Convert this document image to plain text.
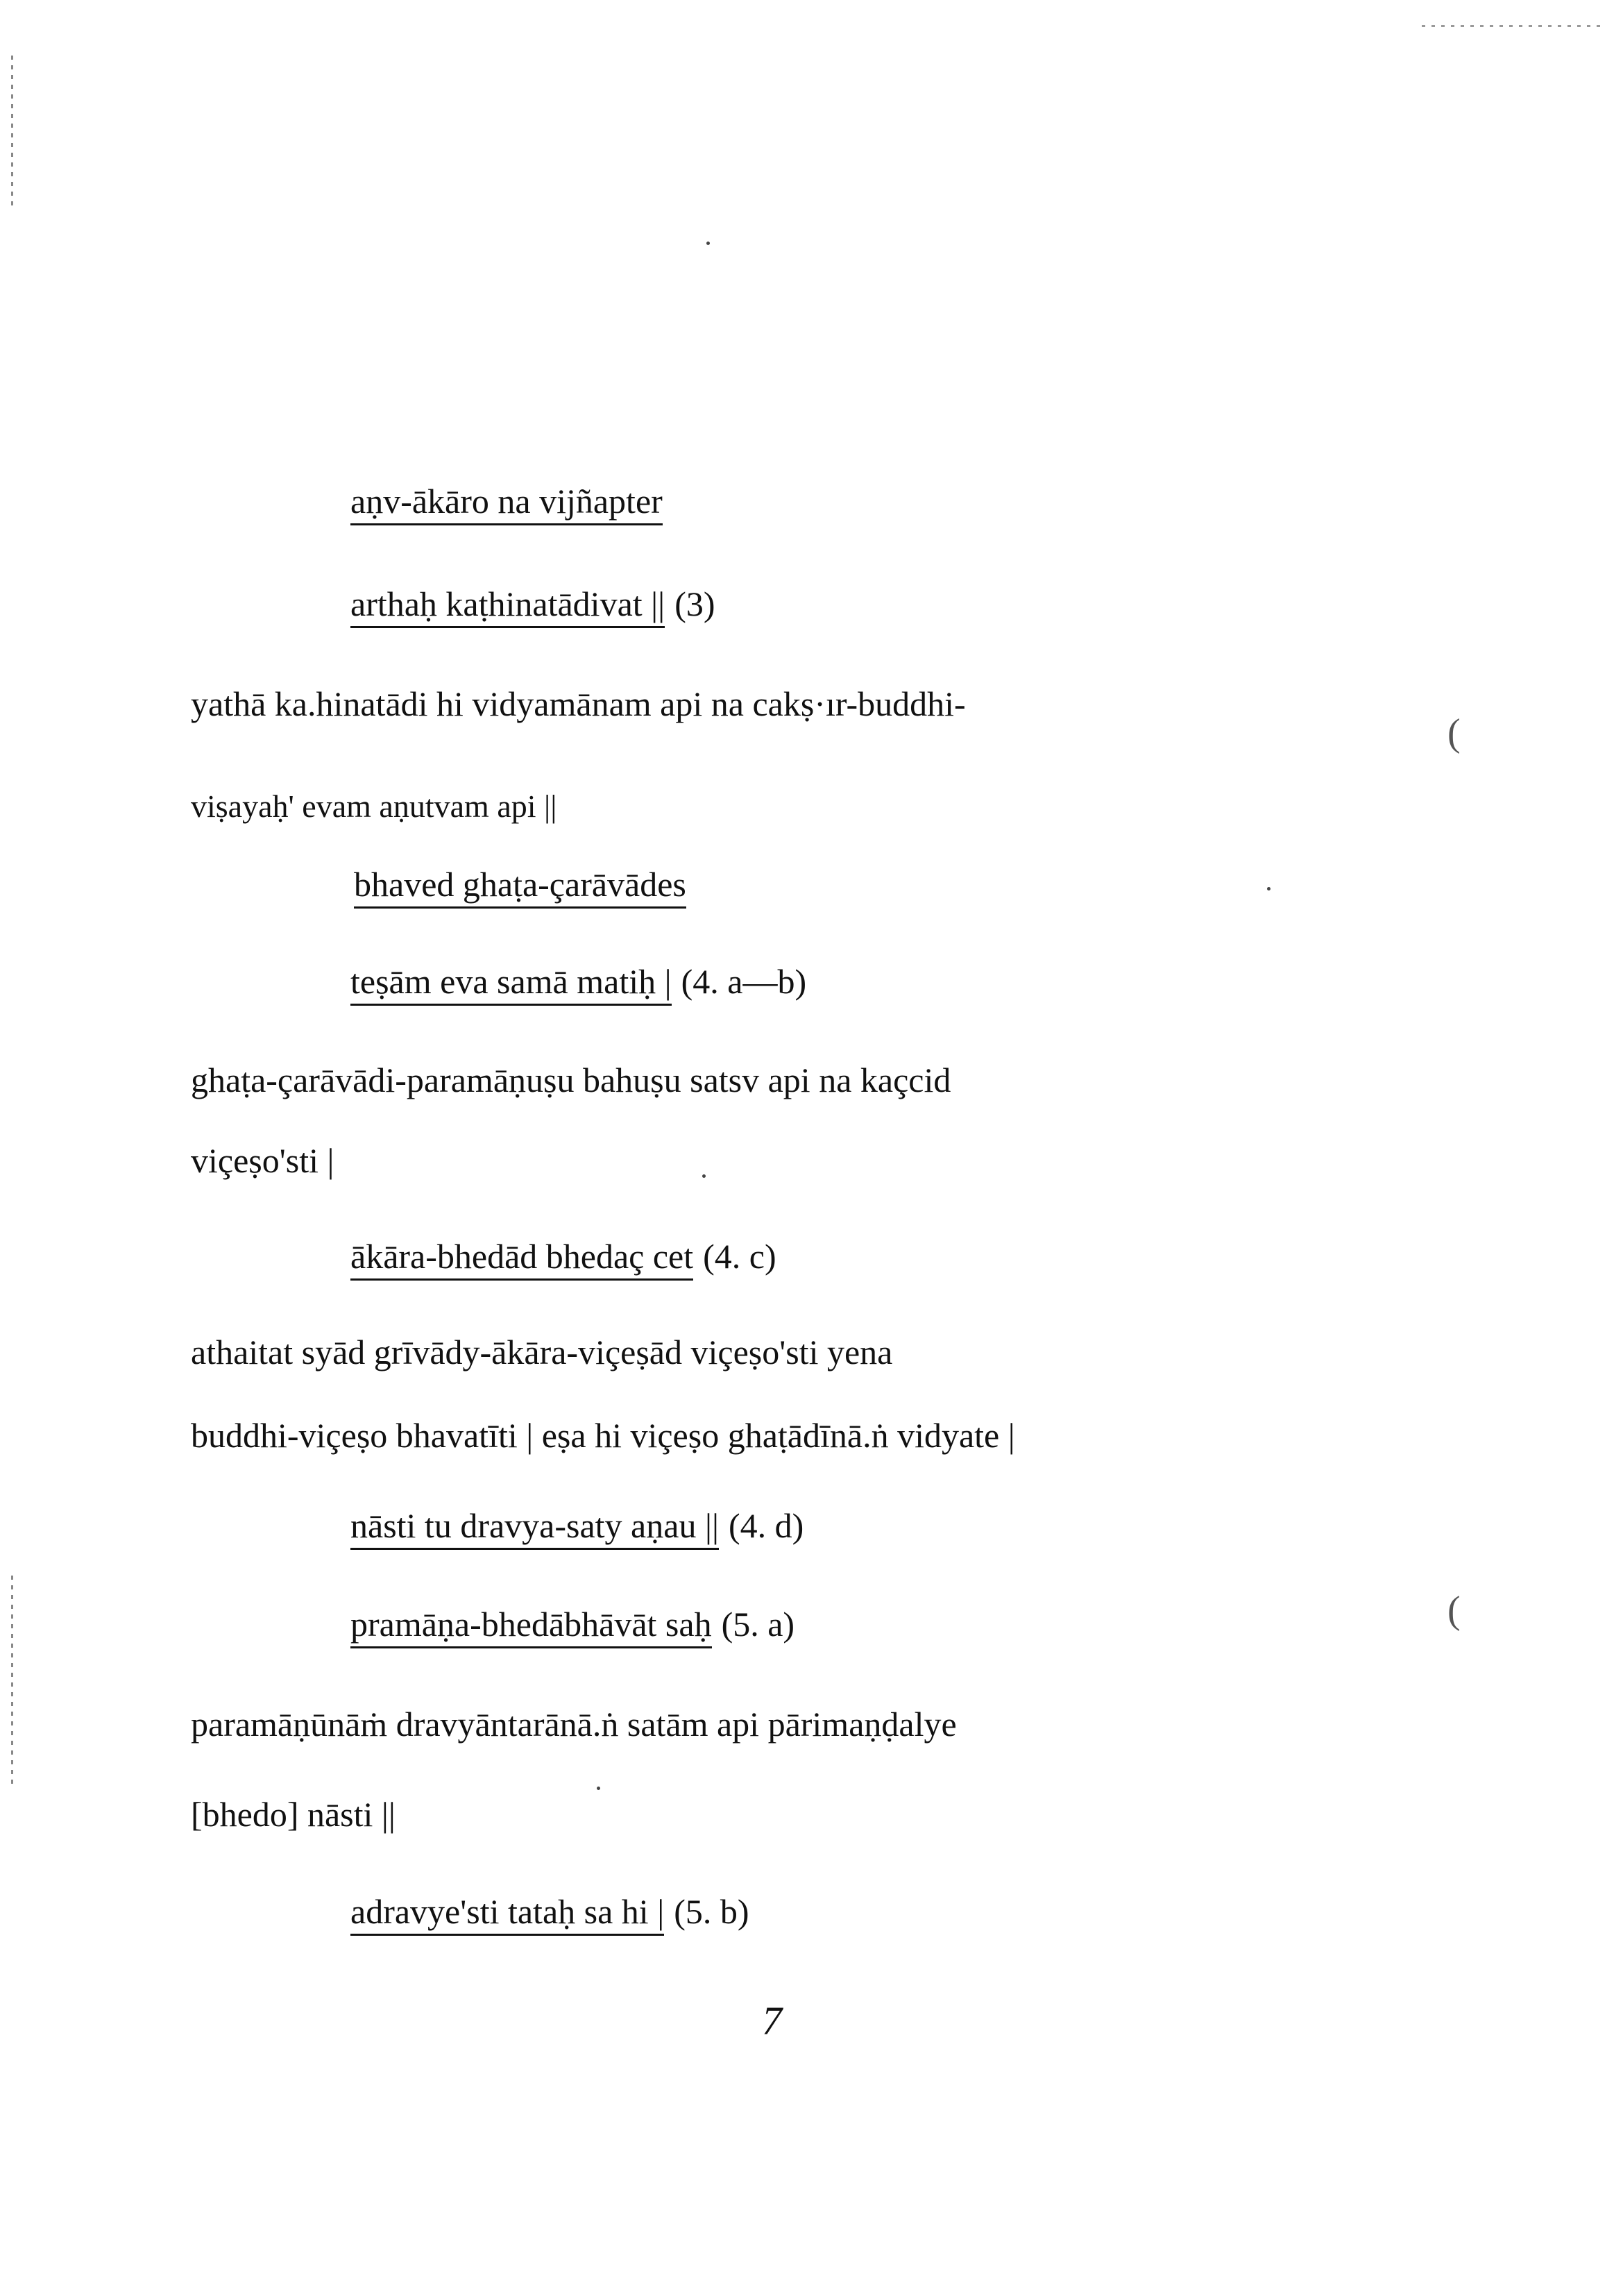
(
(
aṇv-ākāro na vijñapter
arthaḥ kaṭhinatādivat || (3)
yathā ka.hinatādi hi vidyamānam api na cakṣ·ır-buddhi-
viṣayaḥ' evam aṇutvam api ||
bhaved ghaṭa-çarāvādes
teṣām eva samā matiḥ | (4. a—b)
ghaṭa-çarāvādi-paramāṇuṣu bahuṣu satsv api na kaçcid
viçeṣo'sti |
ākāra-bhedād bhedaç cet (4. c)
athaitat syād grīvādy-ākāra-viçeṣād viçeṣo'sti yena
buddhi-viçeṣo bhavatīti | eṣa hi viçeṣo ghaṭādīnā.ṅ vidyate |
nāsti tu dravya-saty aṇau || (4. d)
pramāṇa-bhedābhāvāt saḥ (5. a)
paramāṇūnāṁ dravyāntarānā.ṅ satām api pārimaṇḍalye
[bhedo] nāsti ||
adravye'sti tataḥ sa hi | (5. b)
7
